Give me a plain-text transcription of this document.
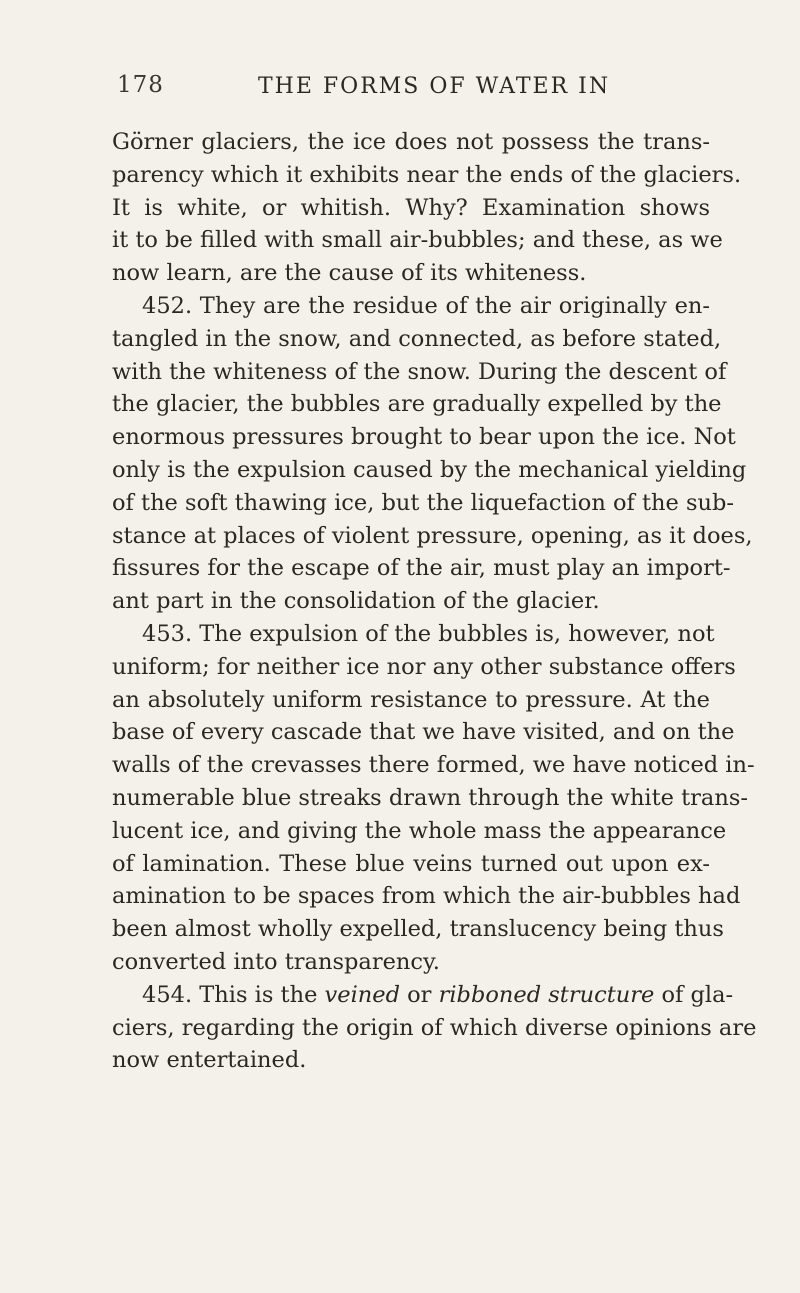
178	THE FORMS OF WATER IN
Görner glaciers, the ice does not possess the trans-
parency which it exhibits near the ends of the glaciers.
It is white, or whitish. Why? Examination shows
it to be filled with small air-bubbles; and these, as we
now learn, are the cause of its whiteness.
452. They are the residue of the air originally en-
tangled in the snow, and connected, as before stated,
with the whiteness of the snow. During the descent of
the glacier, the bubbles are gradually expelled by the
enormous pressures brought to bear upon the ice. Not
only is the expulsion caused by the mechanical yielding
of the soft thawing ice, but the liquefaction of the sub-
stance at places of violent pressure, opening, as it does,
fissures for the escape of the air, must play an import-
ant part in the consolidation of the glacier.
453. The expulsion of the bubbles is, however, not
uniform; for neither ice nor any other substance offers
an absolutely uniform resistance to pressure. At the
base of every cascade that we have visited, and on the
walls of the crevasses there formed, we have noticed in-
numerable blue streaks drawn through the white trans-
lucent ice, and giving the whole mass the appearance
of lamination. These blue veins turned out upon ex-
amination to be spaces from which the air-bubbles had
been almost wholly expelled, translucency being thus
converted into transparency.
454. This is the veined or ribboned structure of gla-
ciers, regarding the origin of which diverse opinions are
now entertained.
